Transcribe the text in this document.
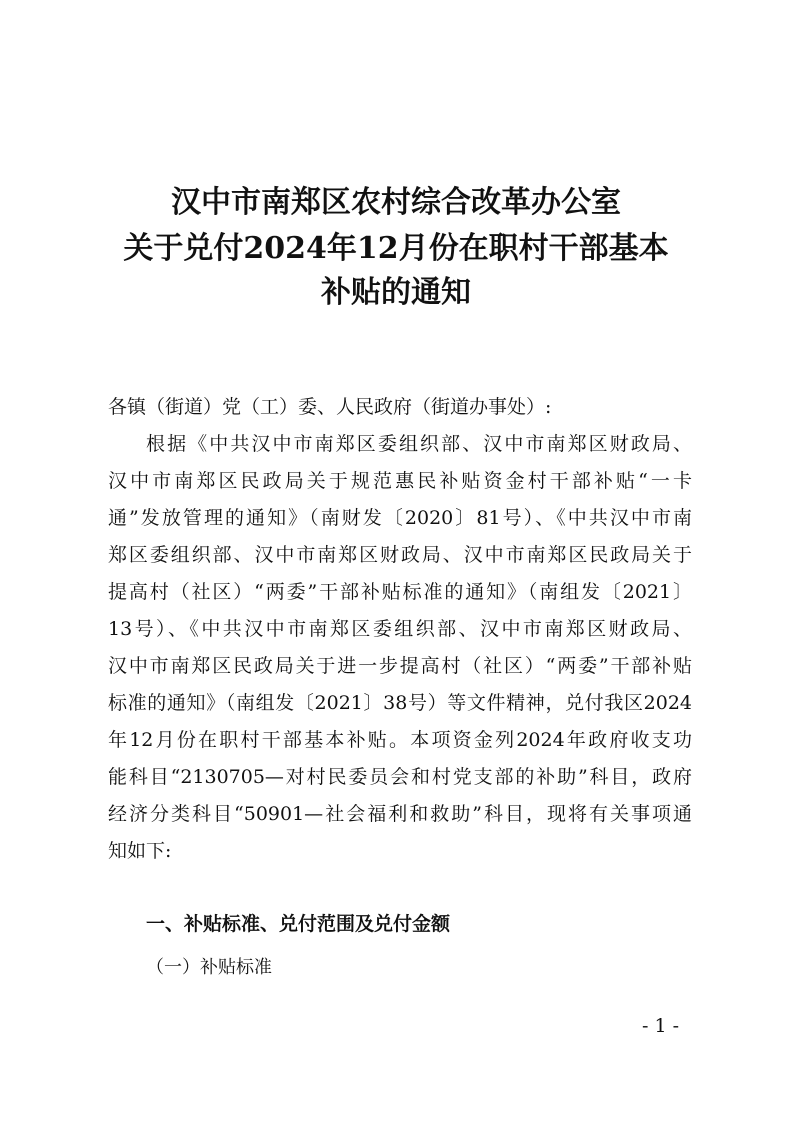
汉中市南郑区农村综合改革办公室
关于兑付2024年12月份在职村干部基本
补贴的通知
各镇（街道）党（工）委、人民政府（街道办事处）:
根据《中共汉中市南郑区委组织部、汉中市南郑区财政局、
汉中市南郑区民政局关于规范惠民补贴资金村干部补贴“一卡
通”发放管理的通知》（南财发〔2020〕81号）、《中共汉中市南
郑区委组织部、汉中市南郑区财政局、汉中市南郑区民政局关于
提高村（社区）“两委”干部补贴标准的通知》（南组发〔2021〕
13号）、《中共汉中市南郑区委组织部、汉中市南郑区财政局、
汉中市南郑区民政局关于进一步提高村（社区）“两委”干部补贴
标准的通知》（南组发〔2021〕38号）等文件精神，兑付我区2024
年12月份在职村干部基本补贴。本项资金列2024年政府收支功
能科目“2130705—对村民委员会和村党支部的补助”科目，政府
经济分类科目“50901—社会福利和救助”科目，现将有关事项通
知如下:
一、补贴标准、兑付范围及兑付金额
（一）补贴标准
- 1 -
